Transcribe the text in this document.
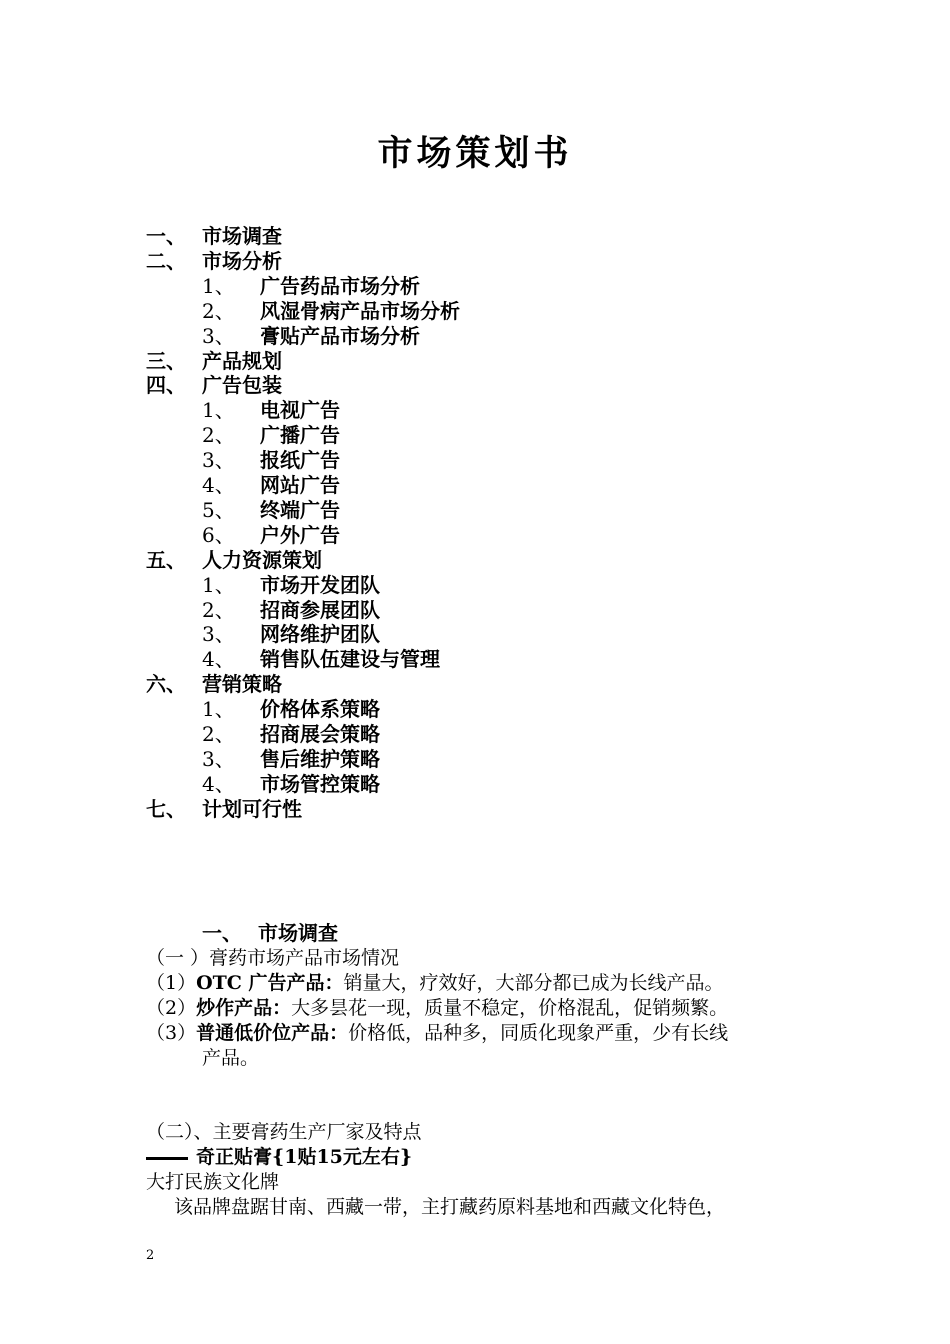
市场策划书
一、 市场调查
二、 市场分析
1、 广告药品市场分析
2、 风湿骨病产品市场分析
3、 膏贴产品市场分析
三、 产品规划
四、 广告包装
1、 电视广告
2、 广播广告
3、 报纸广告
4、 网站广告
5、 终端广告
6、 户外广告
五、 人力资源策划
1、 市场开发团队
2、 招商参展团队
3、 网络维护团队
4、 销售队伍建设与管理
六、 营销策略
1、 价格体系策略
2、 招商展会策略
3、 售后维护策略
4、 市场管控策略
七、 计划可行性
一、 市场调查
（一 ）膏药市场产品市场情况
（1）OTC 广告产品：销量大，疗效好，大部分都已成为长线产品。
（2）炒作产品：大多昙花一现，质量不稳定，价格混乱，促销频繁。
（3）普通低价位产品：价格低，品种多，同质化现象严重，少有长线
产品。
（二）、主要膏药生产厂家及特点
奇正贴膏{1贴15元左右}
大打民族文化牌
该品牌盘踞甘南、西藏一带，主打藏药原料基地和西藏文化特色，
2
